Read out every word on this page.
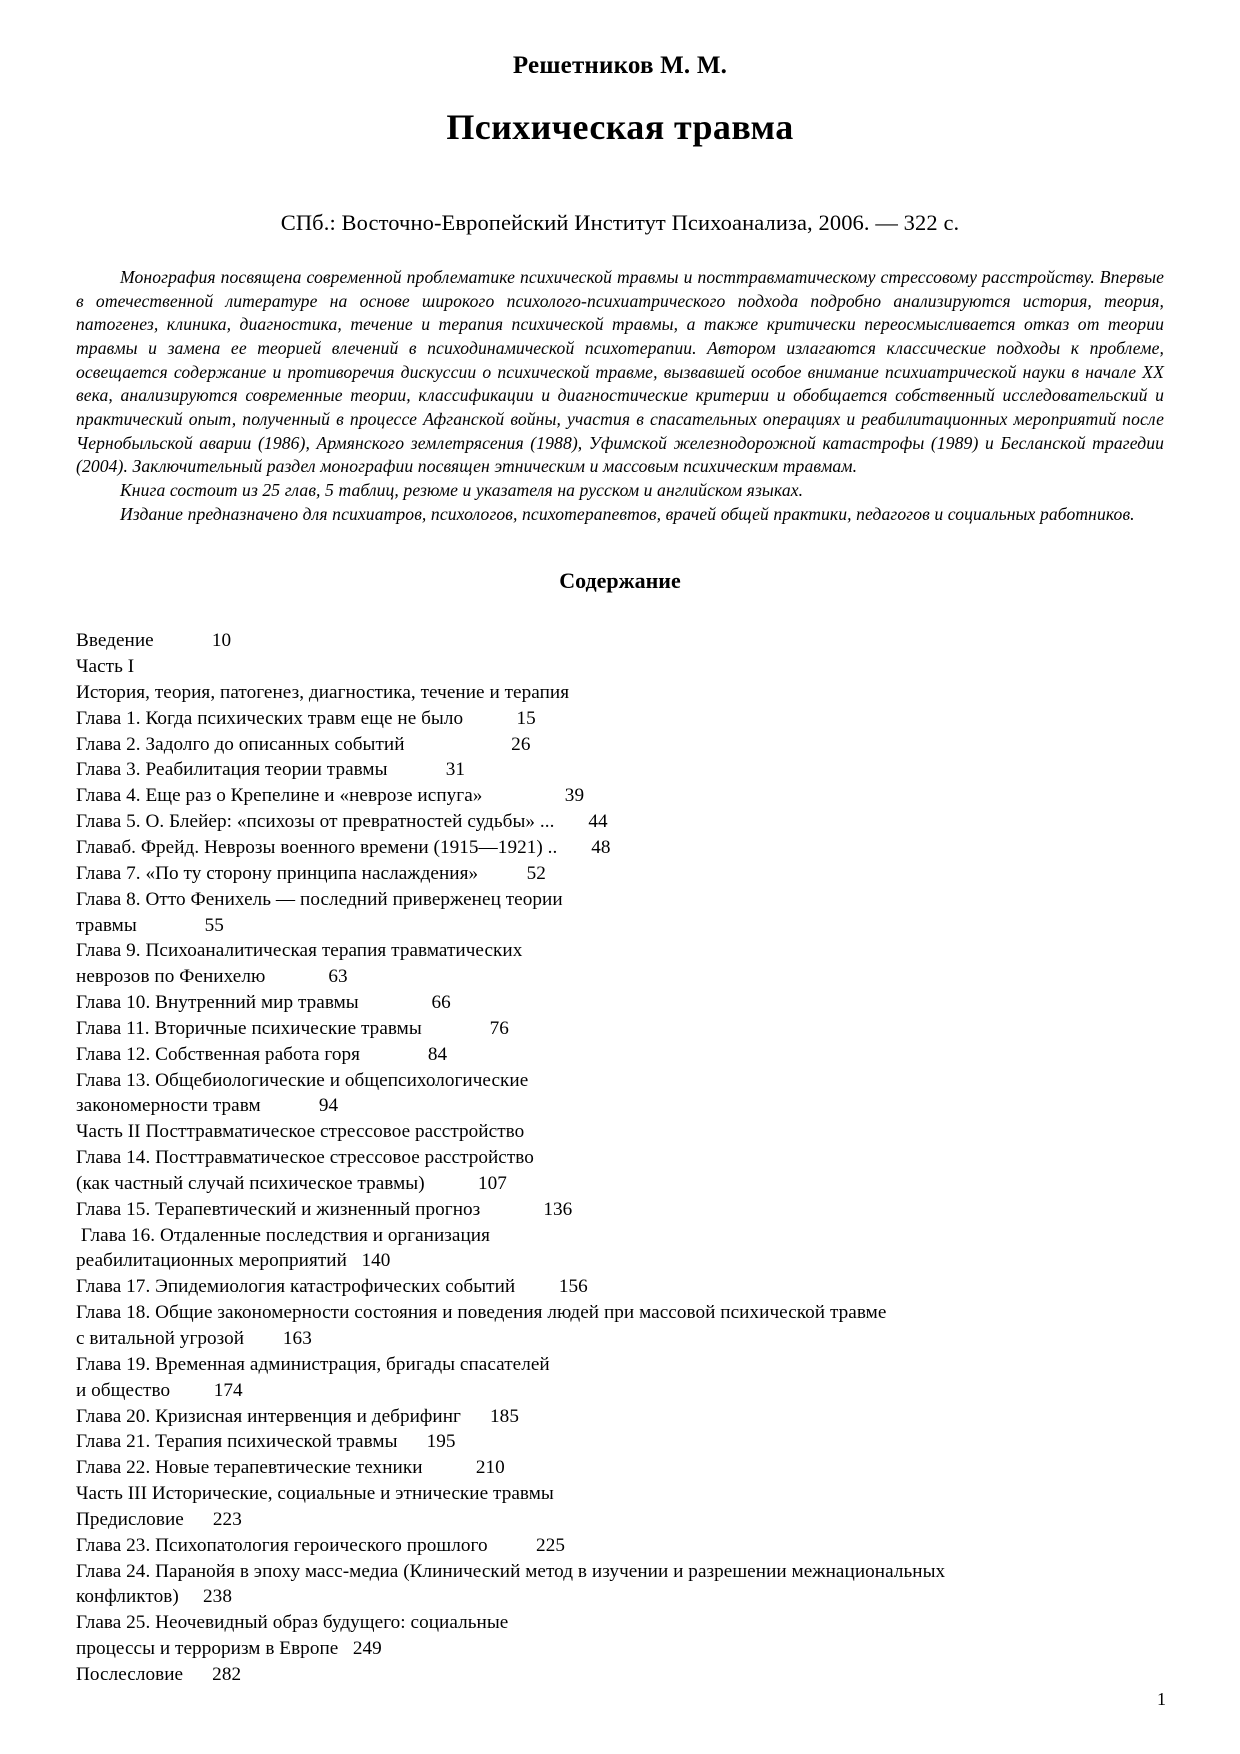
Решетников М. М.
Психическая травма
СПб.: Восточно-Европейский Институт Психоанализа, 2006. — 322 с.

Монография посвящена современной проблематике психической травмы и посттравматическому стрессовому расстройству. Впервые в отечественной литературе на основе широкого психолого-психиатрического подхода подробно анализируются история, теория, патогенез, клиника, диагностика, течение и терапия психической травмы, а также критически переосмысливается отказ от теории травмы и замена ее теорией влечений в психодинамической психотерапии. Автором излагаются классические подходы к проблеме, освещается содержание и противоречия дискуссии о психической травме, вызвавшей особое внимание психиатрической науки в начале XX века, анализируются современные теории, классификации и диагностические критерии и обобщается собственный исследовательский и практический опыт, полученный в процессе Афганской войны, участия в спасательных операциях и реабилитационных мероприятий после Чернобыльской аварии (1986), Армянского землетрясения (1988), Уфимской железнодорожной катастрофы (1989) и Бесланской трагедии (2004). Заключительный раздел монографии посвящен этническим и массовым психическим травмам.

Книга состоит из 25 глав, 5 таблиц, резюме и указателя на русском и английском языках.

Издание предназначено для психиатров, психологов, психотерапевтов, врачей общей практики, педагогов и социальных работников.

Содержание
Введение            10
Часть I
История, теория, патогенез, диагностика, течение и терапия
Глава 1. Когда психических травм еще не было           15
Глава 2. Задолго до описанных событий                      26
Глава 3. Реабилитация теории травмы            31
Глава 4. Еще раз о Крепелине и «неврозе испуга»                 39
Глава 5. О. Блейер: «психозы от превратностей судьбы» ...       44
Главаб. Фрейд. Неврозы военного времени (1915—1921) ..       48
Глава 7. «По ту сторону принципа наслаждения»          52
Глава 8. Отто Фенихель — последний приверженец теории
травмы              55
Глава 9. Психоаналитическая терапия травматических
неврозов по Фенихелю             63
Глава 10. Внутренний мир травмы               66
Глава 11. Вторичные психические травмы              76
Глава 12. Собственная работа горя              84
Глава 13. Общебиологические и общепсихологические
закономерности травм            94
Часть II Посттравматическое стрессовое расстройство
Глава 14. Посттравматическое стрессовое расстройство
(как частный случай психическое травмы)           107
Глава 15. Терапевтический и жизненный прогноз             136
Глава 16. Отдаленные последствия и организация
реабилитационных мероприятий   140
Глава 17. Эпидемиология катастрофических событий         156
Глава 18. Общие закономерности состояния и поведения людей при массовой психической травме
с витальной угрозой        163
Глава 19. Временная администрация, бригады спасателей
и общество         174
Глава 20. Кризисная интервенция и дебрифинг      185
Глава 21. Терапия психической травмы      195
Глава 22. Новые терапевтические техники           210
Часть III Исторические, социальные и этнические травмы
Предисловие      223
Глава 23. Психопатология героического прошлого          225
Глава 24. Паранойя в эпоху масс-медиа (Клинический метод в изучении и разрешении межнациональных
конфликтов)     238
Глава 25. Неочевидный образ будущего: социальные
процессы и терроризм в Европе   249
Послесловие      282
1
